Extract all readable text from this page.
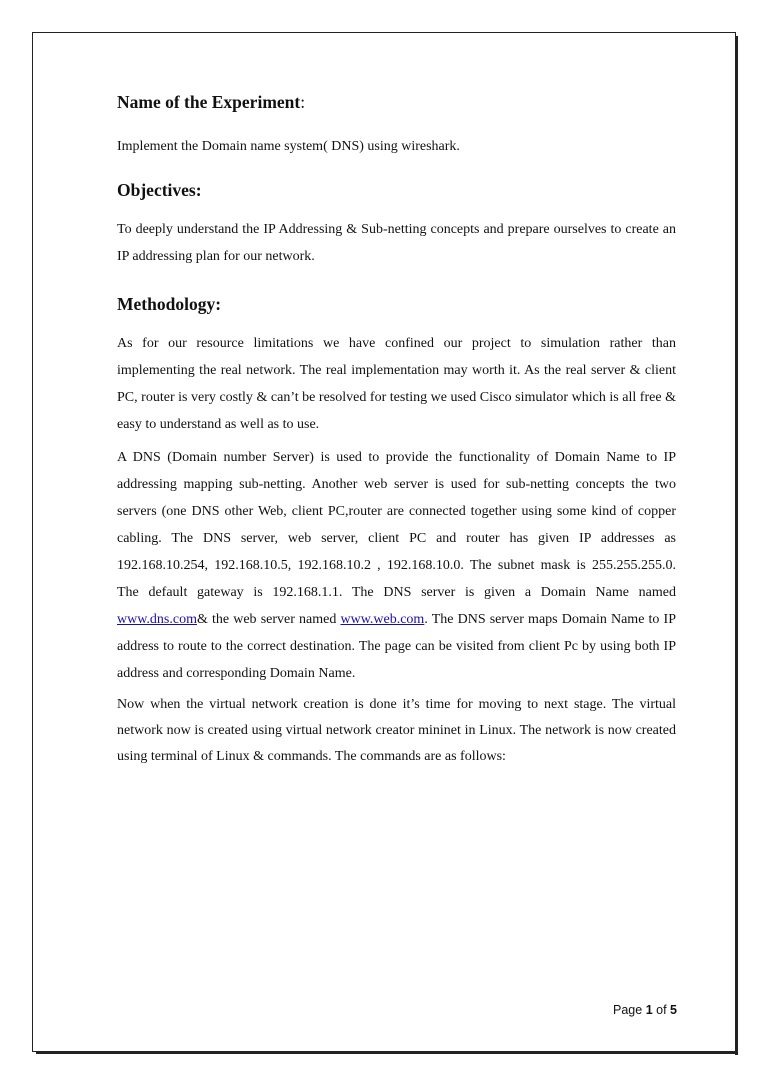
Name of the Experiment:

Implement the Domain name system( DNS) using wireshark.

Objectives:

To deeply understand the IP Addressing & Sub-netting concepts and prepare ourselves to create an IP addressing plan for our network.

Methodology:

As for our resource limitations we have confined our project to simulation rather than implementing the real network. The real implementation may worth it. As the real server & client PC, router is very costly & can’t be resolved for testing we used Cisco simulator which is all free & easy to understand as well as to use.

A DNS (Domain number Server) is used to provide the functionality of Domain Name to IP addressing mapping sub-netting. Another web server is used for sub-netting concepts the two servers (one DNS other Web, client PC,router are connected together using some kind of copper cabling. The DNS server, web server, client PC and router has given IP addresses as 192.168.10.254, 192.168.10.5, 192.168.10.2 , 192.168.10.0. The subnet mask is 255.255.255.0. The default gateway is 192.168.1.1. The DNS server is given a Domain Name named www.dns.com& the web server named www.web.com. The DNS server maps Domain Name to IP address to route to the correct destination. The page can be visited from client Pc by using both IP address and corresponding Domain Name.

Now when the virtual network creation is done it’s time for moving to next stage. The virtual network now is created using virtual network creator mininet in Linux. The network is now created using terminal of Linux & commands. The commands are as follows:

Page 1 of 5
